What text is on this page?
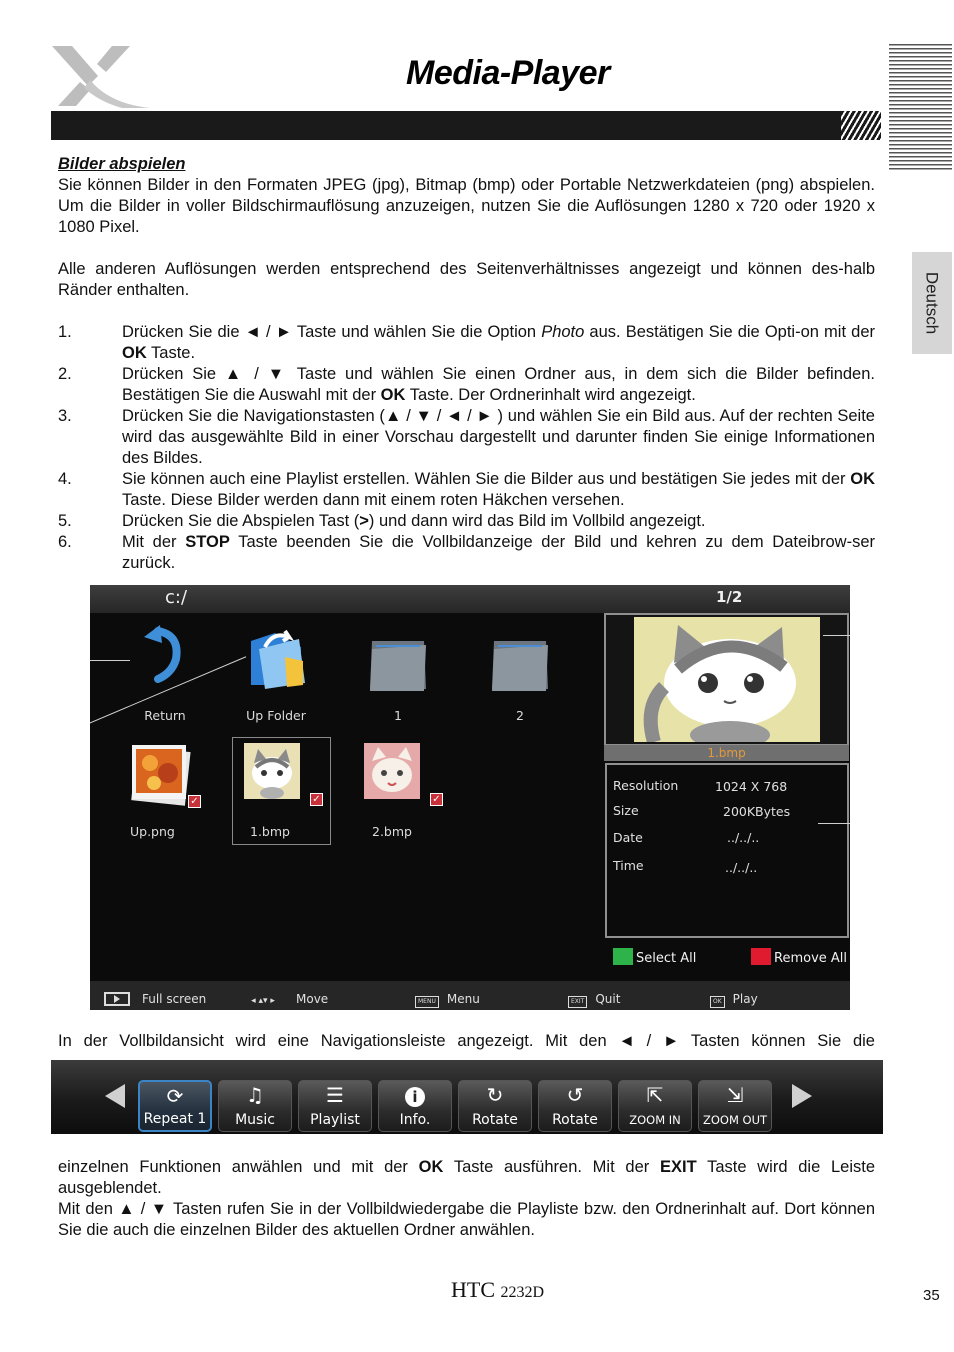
Media-Player
Deutsch
Bilder abspielen
Sie können Bilder in den Formaten JPEG (jpg), Bitmap (bmp) oder Portable Netzwerkdateien (png) abspielen. Um die Bilder in voller Bildschirmauflösung anzuzeigen, nutzen Sie die Auflösungen 1280 x 720 oder 1920 x 1080 Pixel.
Alle anderen Auflösungen werden entsprechend des Seitenverhältnisses angezeigt und können des-halb Ränder enthalten.
1.	Drücken Sie die ◄ / ► Taste und wählen Sie die Option Photo aus. Bestätigen Sie die Opti-on mit der OK Taste.
2.	Drücken Sie ▲ / ▼ Taste und wählen Sie einen Ordner aus, in dem sich die Bilder befinden. Bestätigen Sie die Auswahl mit der OK Taste. Der Ordnerinhalt wird angezeigt.
3.	Drücken Sie die Navigationstasten (▲ / ▼ / ◄ / ► ) und wählen Sie ein Bild aus. Auf der rechten Seite wird das ausgewählte Bild in einer Vorschau dargestellt und darunter finden Sie einige Informationen des Bildes.
4.	Sie können auch eine Playlist erstellen. Wählen Sie die Bilder aus und bestätigen Sie jedes mit der OK Taste. Diese Bilder werden dann mit einem roten Häkchen versehen.
5.	Drücken Sie die Abspielen Tast (>) und dann wird das Bild im Vollbild angezeigt.
6.	Mit der STOP Taste beenden Sie die Vollbildanzeige der Bild und kehren zu dem Dateibrow-ser zurück.
c:/	1/2
Return	Up Folder	1	2
✓
Up.png
✓
1.bmp
✓
2.bmp
1.bmp
Resolution	1024 X 768
Size	200KBytes
Date	../../..
Time	../../..
Select All	Remove All
Full screen	◂ ▴▾ ▸ Move	MENU Menu	EXIT Quit	OK Play
In der Vollbildansicht wird eine Navigationsleiste angezeigt. Mit den ◄ / ► Tasten können Sie die
⟳
Repeat 1
♫
Music
☰
Playlist
i
Info.
↻
Rotate
↺
Rotate
⇱
ZOOM IN
⇲
ZOOM OUT
einzelnen Funktionen anwählen und mit der OK Taste ausführen. Mit der EXIT Taste wird die Leiste ausgeblendet.
Mit den ▲ / ▼ Tasten rufen Sie in der Vollbildwiedergabe die Playliste bzw. den Ordnerinhalt auf. Dort können Sie die auch die einzelnen Bilder des aktuellen Ordner anwählen.
HTC 2232D	35
